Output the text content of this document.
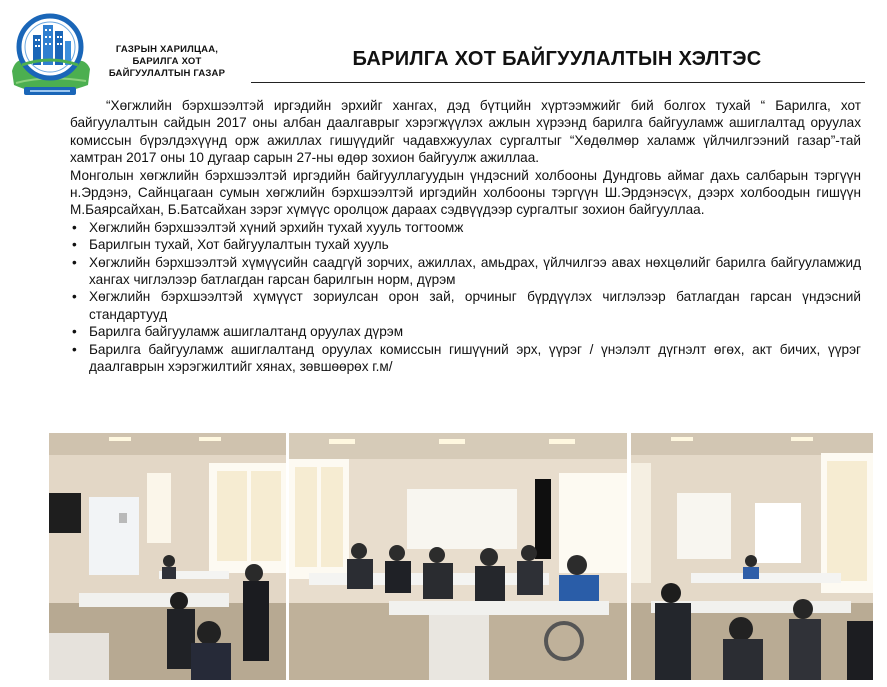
ГАЗРЫН ХАРИЛЦАА,
БАРИЛГА ХОТ
БАЙГУУЛАЛТЫН ГАЗАР
БАРИЛГА ХОТ БАЙГУУЛАЛТЫН ХЭЛТЭС

“Хөгжлийн бэрхшээлтэй иргэдийн эрхийг хангах, дэд бүтцийн хүртээмжийг бий болгох тухай “ Барилга, хот байгуулалтын сайдын 2017 оны албан даалгаврыг хэрэгжүүлэх ажлын хүрээнд барилга байгууламж ашиглалтад оруулах комиссын бүрэлдэхүүнд орж ажиллах гишүүдийг чадавхжуулах сургалтыг “Хөдөлмөр халамж үйлчилгээний газар”-тай хамтран 2017 оны 10 дугаар сарын 27-ны өдөр зохион байгуулж ажиллаа.

Монголын хөгжлийн бэрхшээлтэй иргэдийн байгууллагуудын үндэсний холбооны Дундговь аймаг дахь салбарын тэргүүн н.Эрдэнэ, Сайнцагаан сумын хөгжлийн бэрхшээлтэй иргэдийн холбооны тэргүүн Ш.Эрдэнэсүх, дээрх холбоодын гишүүн М.Баярсайхан, Б.Батсайхан зэрэг хүмүүс оролцож дараах сэдвүүдээр сургалтыг зохион байгууллаа.

• Хөгжлийн бэрхшээлтэй хүний эрхийн тухай хууль тогтоомж
• Барилгын тухай, Хот байгуулалтын тухай хууль
• Хөгжлийн бэрхшээлтэй хүмүүсийн саадгүй зорчих, ажиллах, амьдрах, үйлчилгээ авах нөхцөлийг барилга байгууламжид хангах чиглэлээр батлагдан гарсан барилгын норм, дүрэм
• Хөгжлийн бэрхшээлтэй хүмүүст зориулсан орон зай, орчиныг бүрдүүлэх чиглэлээр батлагдан гарсан үндэсний стандартууд
• Барилга байгууламж ашиглалтанд оруулах дүрэм
• Барилга байгууламж ашиглалтанд оруулах комиссын гишүүний эрх, үүрэг / үнэлэлт дүгнэлт өгөх, акт бичих, үүрэг даалгаврын хэрэгжилтийг хянах, зөвшөөрөх г.м/
